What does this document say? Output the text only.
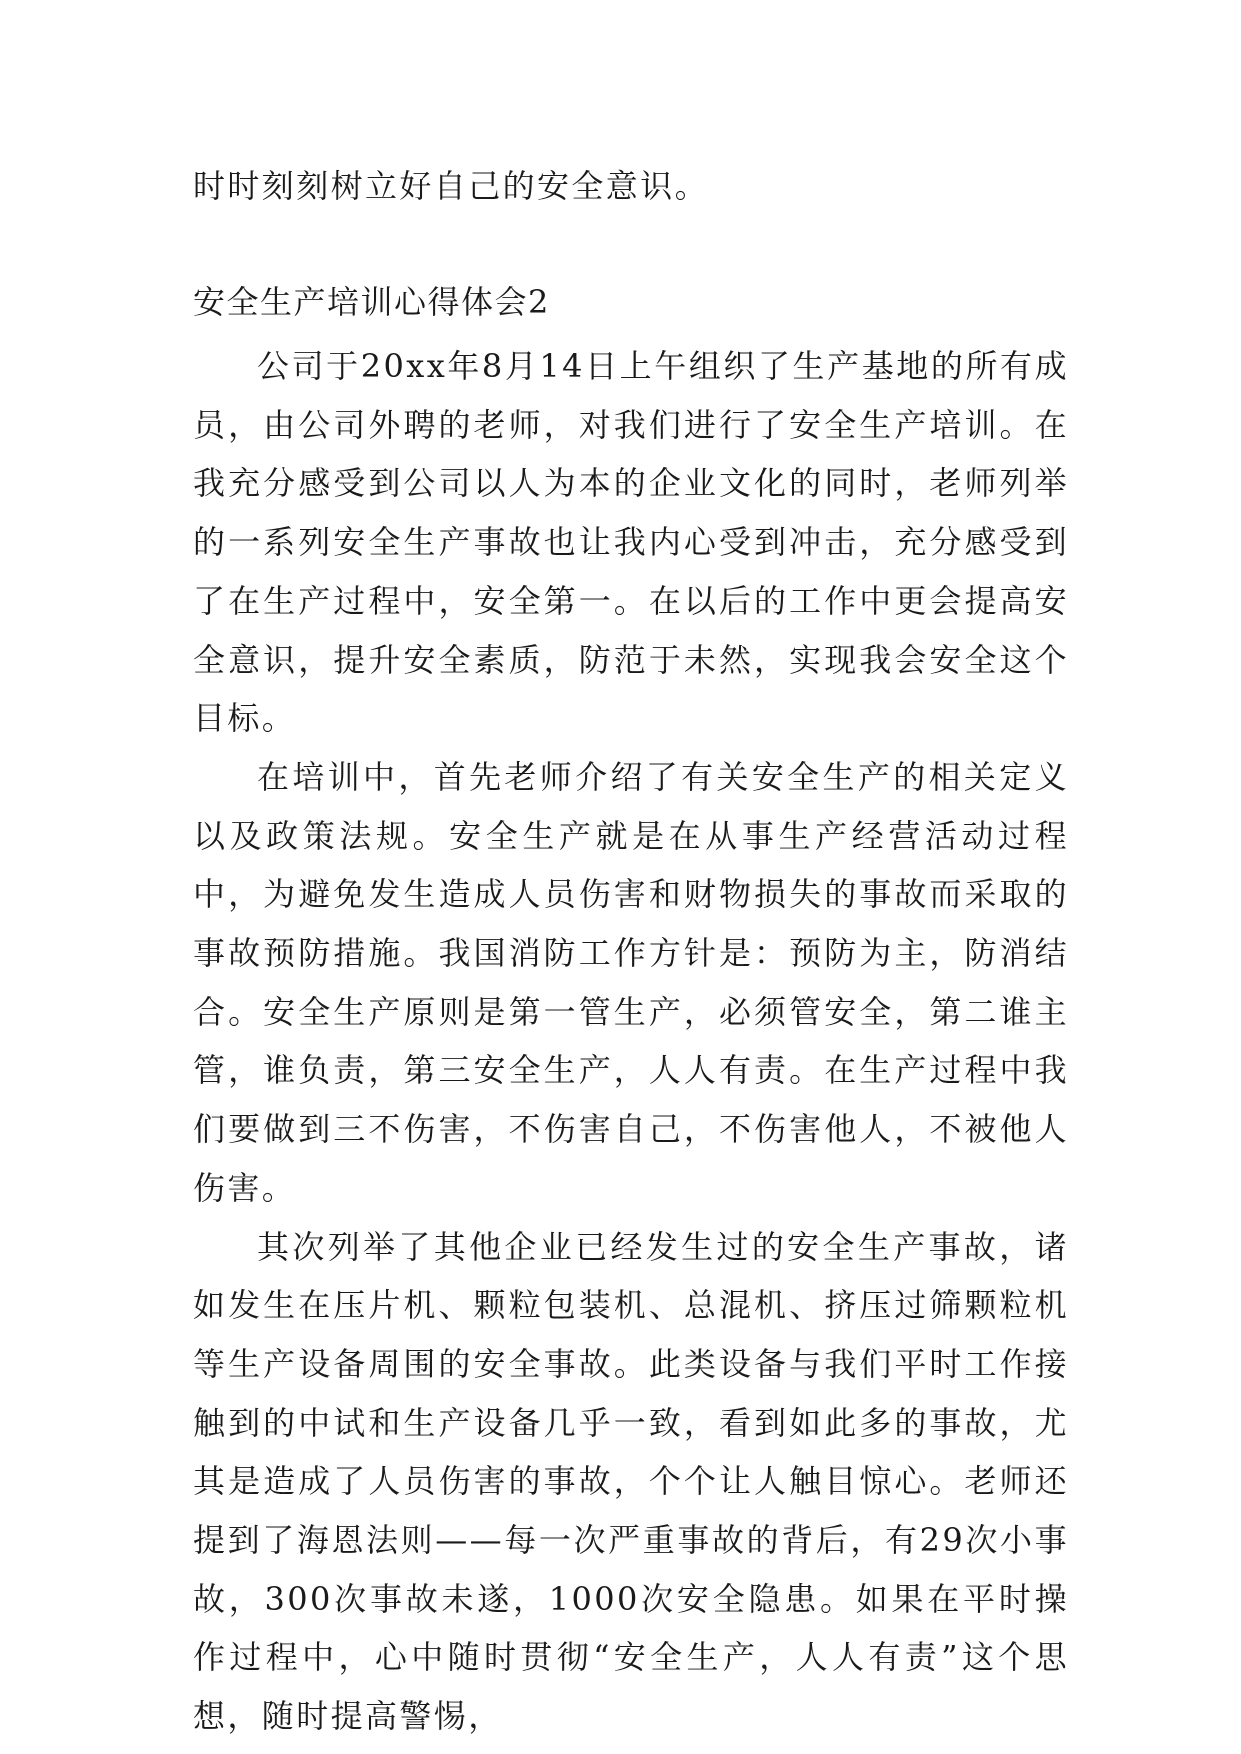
时时刻刻树立好自己的安全意识。
安全生产培训心得体会2

公司于20xx年8月14日上午组织了生产基地的所有成员，由公司外聘的老师，对我们进行了安全生产培训。在我充分感受到公司以人为本的企业文化的同时，老师列举的一系列安全生产事故也让我内心受到冲击，充分感受到了在生产过程中，安全第一。在以后的工作中更会提高安全意识，提升安全素质，防范于未然，实现我会安全这个目标。

在培训中，首先老师介绍了有关安全生产的相关定义以及政策法规。安全生产就是在从事生产经营活动过程中，为避免发生造成人员伤害和财物损失的事故而采取的事故预防措施。我国消防工作方针是：预防为主，防消结合。安全生产原则是第一管生产，必须管安全，第二谁主管，谁负责，第三安全生产，人人有责。在生产过程中我们要做到三不伤害，不伤害自己，不伤害他人，不被他人伤害。

其次列举了其他企业已经发生过的安全生产事故，诸如发生在压片机、颗粒包装机、总混机、挤压过筛颗粒机等生产设备周围的安全事故。此类设备与我们平时工作接触到的中试和生产设备几乎一致，看到如此多的事故，尤其是造成了人员伤害的事故，个个让人触目惊心。老师还提到了海恩法则——每一次严重事故的背后，有29次小事故，300次事故未遂，1000次安全隐患。如果在平时操作过程中，心中随时贯彻“安全生产，人人有责”这个思想，随时提高警惕，
